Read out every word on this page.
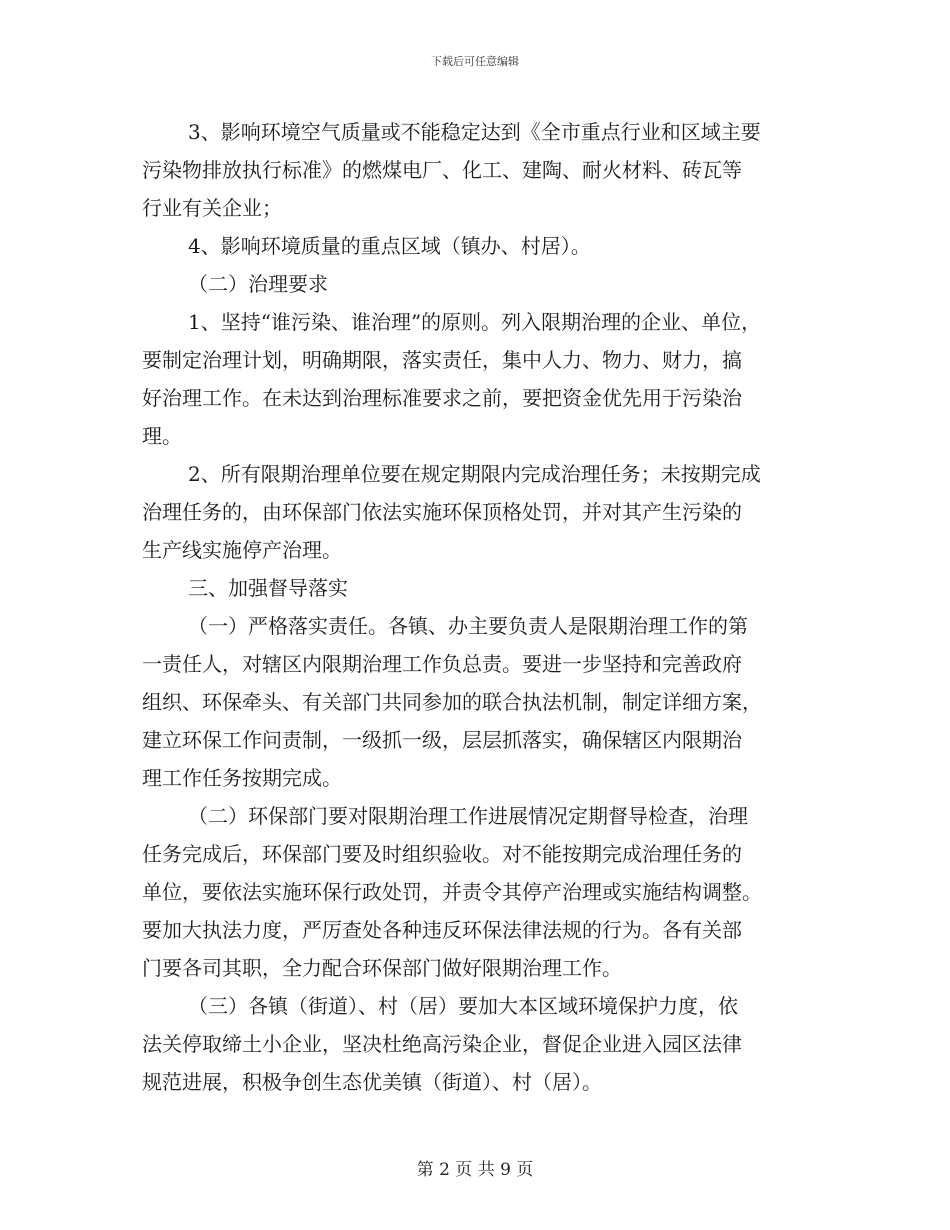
下载后可任意编辑
3、影响环境空气质量或不能稳定达到《全市重点行业和区域主要
污染物排放执行标准》的燃煤电厂、化工、建陶、耐火材料、砖瓦等
行业有关企业；
4、影响环境质量的重点区域（镇办、村居）。
（二）治理要求
1、坚持“谁污染、谁治理”的原则。列入限期治理的企业、单位，
要制定治理计划，明确期限，落实责任，集中人力、物力、财力，搞
好治理工作。在未达到治理标准要求之前，要把资金优先用于污染治
理。
2、所有限期治理单位要在规定期限内完成治理任务；未按期完成
治理任务的，由环保部门依法实施环保顶格处罚，并对其产生污染的
生产线实施停产治理。
三、加强督导落实
（一）严格落实责任。各镇、办主要负责人是限期治理工作的第
一责任人，对辖区内限期治理工作负总责。要进一步坚持和完善政府
组织、环保牵头、有关部门共同参加的联合执法机制，制定详细方案，
建立环保工作问责制，一级抓一级，层层抓落实，确保辖区内限期治
理工作任务按期完成。
（二）环保部门要对限期治理工作进展情况定期督导检查，治理
任务完成后，环保部门要及时组织验收。对不能按期完成治理任务的
单位，要依法实施环保行政处罚，并责令其停产治理或实施结构调整。
要加大执法力度，严厉查处各种违反环保法律法规的行为。各有关部
门要各司其职，全力配合环保部门做好限期治理工作。
（三）各镇（街道）、村（居）要加大本区域环境保护力度，依
法关停取缔土小企业，坚决杜绝高污染企业，督促企业进入园区法律
规范进展，积极争创生态优美镇（街道）、村（居）。
第 2 页 共 9 页
